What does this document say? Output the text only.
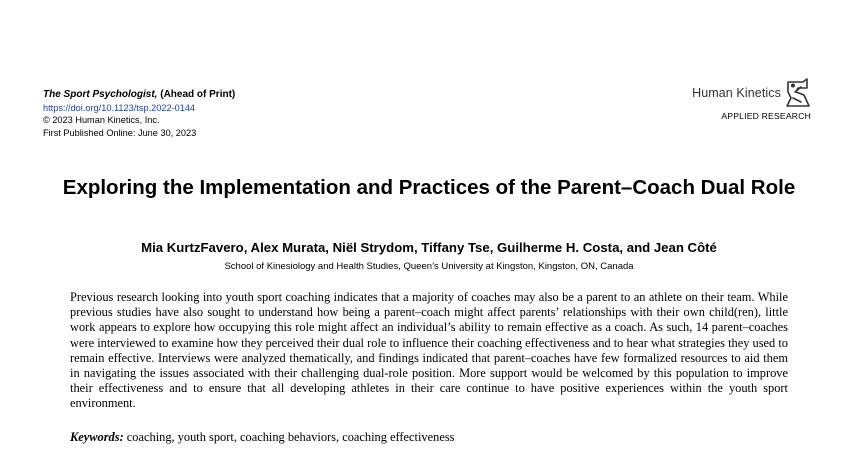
The Sport Psychologist, (Ahead of Print)
https://doi.org/10.1123/tsp.2022-0144
© 2023 Human Kinetics, Inc.
First Published Online: June 30, 2023
Human Kinetics
APPLIED RESEARCH
Exploring the Implementation and Practices of the Parent–Coach Dual Role
Mia KurtzFavero, Alex Murata, Niël Strydom, Tiffany Tse, Guilherme H. Costa, and Jean Côté
School of Kinesiology and Health Studies, Queen’s University at Kingston, Kingston, ON, Canada

Previous research looking into youth sport coaching indicates that a majority of coaches may also be a parent to an athlete on their team. While previous studies have also sought to understand how being a parent–coach might affect parents’ relationships with their own child(ren), little work appears to explore how occupying this role might affect an individual’s ability to remain effective as a coach. As such, 14 parent–coaches were interviewed to examine how they perceived their dual role to influence their coaching effectiveness and to hear what strategies they used to remain effective. Interviews were analyzed thematically, and findings indicated that parent–coaches have few formalized resources to aid them in navigating the issues associated with their challenging dual-role position. More support would be welcomed by this population to improve their effectiveness and to ensure that all developing athletes in their care continue to have positive experiences within the youth sport environment.

Keywords: coaching, youth sport, coaching behaviors, coaching effectiveness
